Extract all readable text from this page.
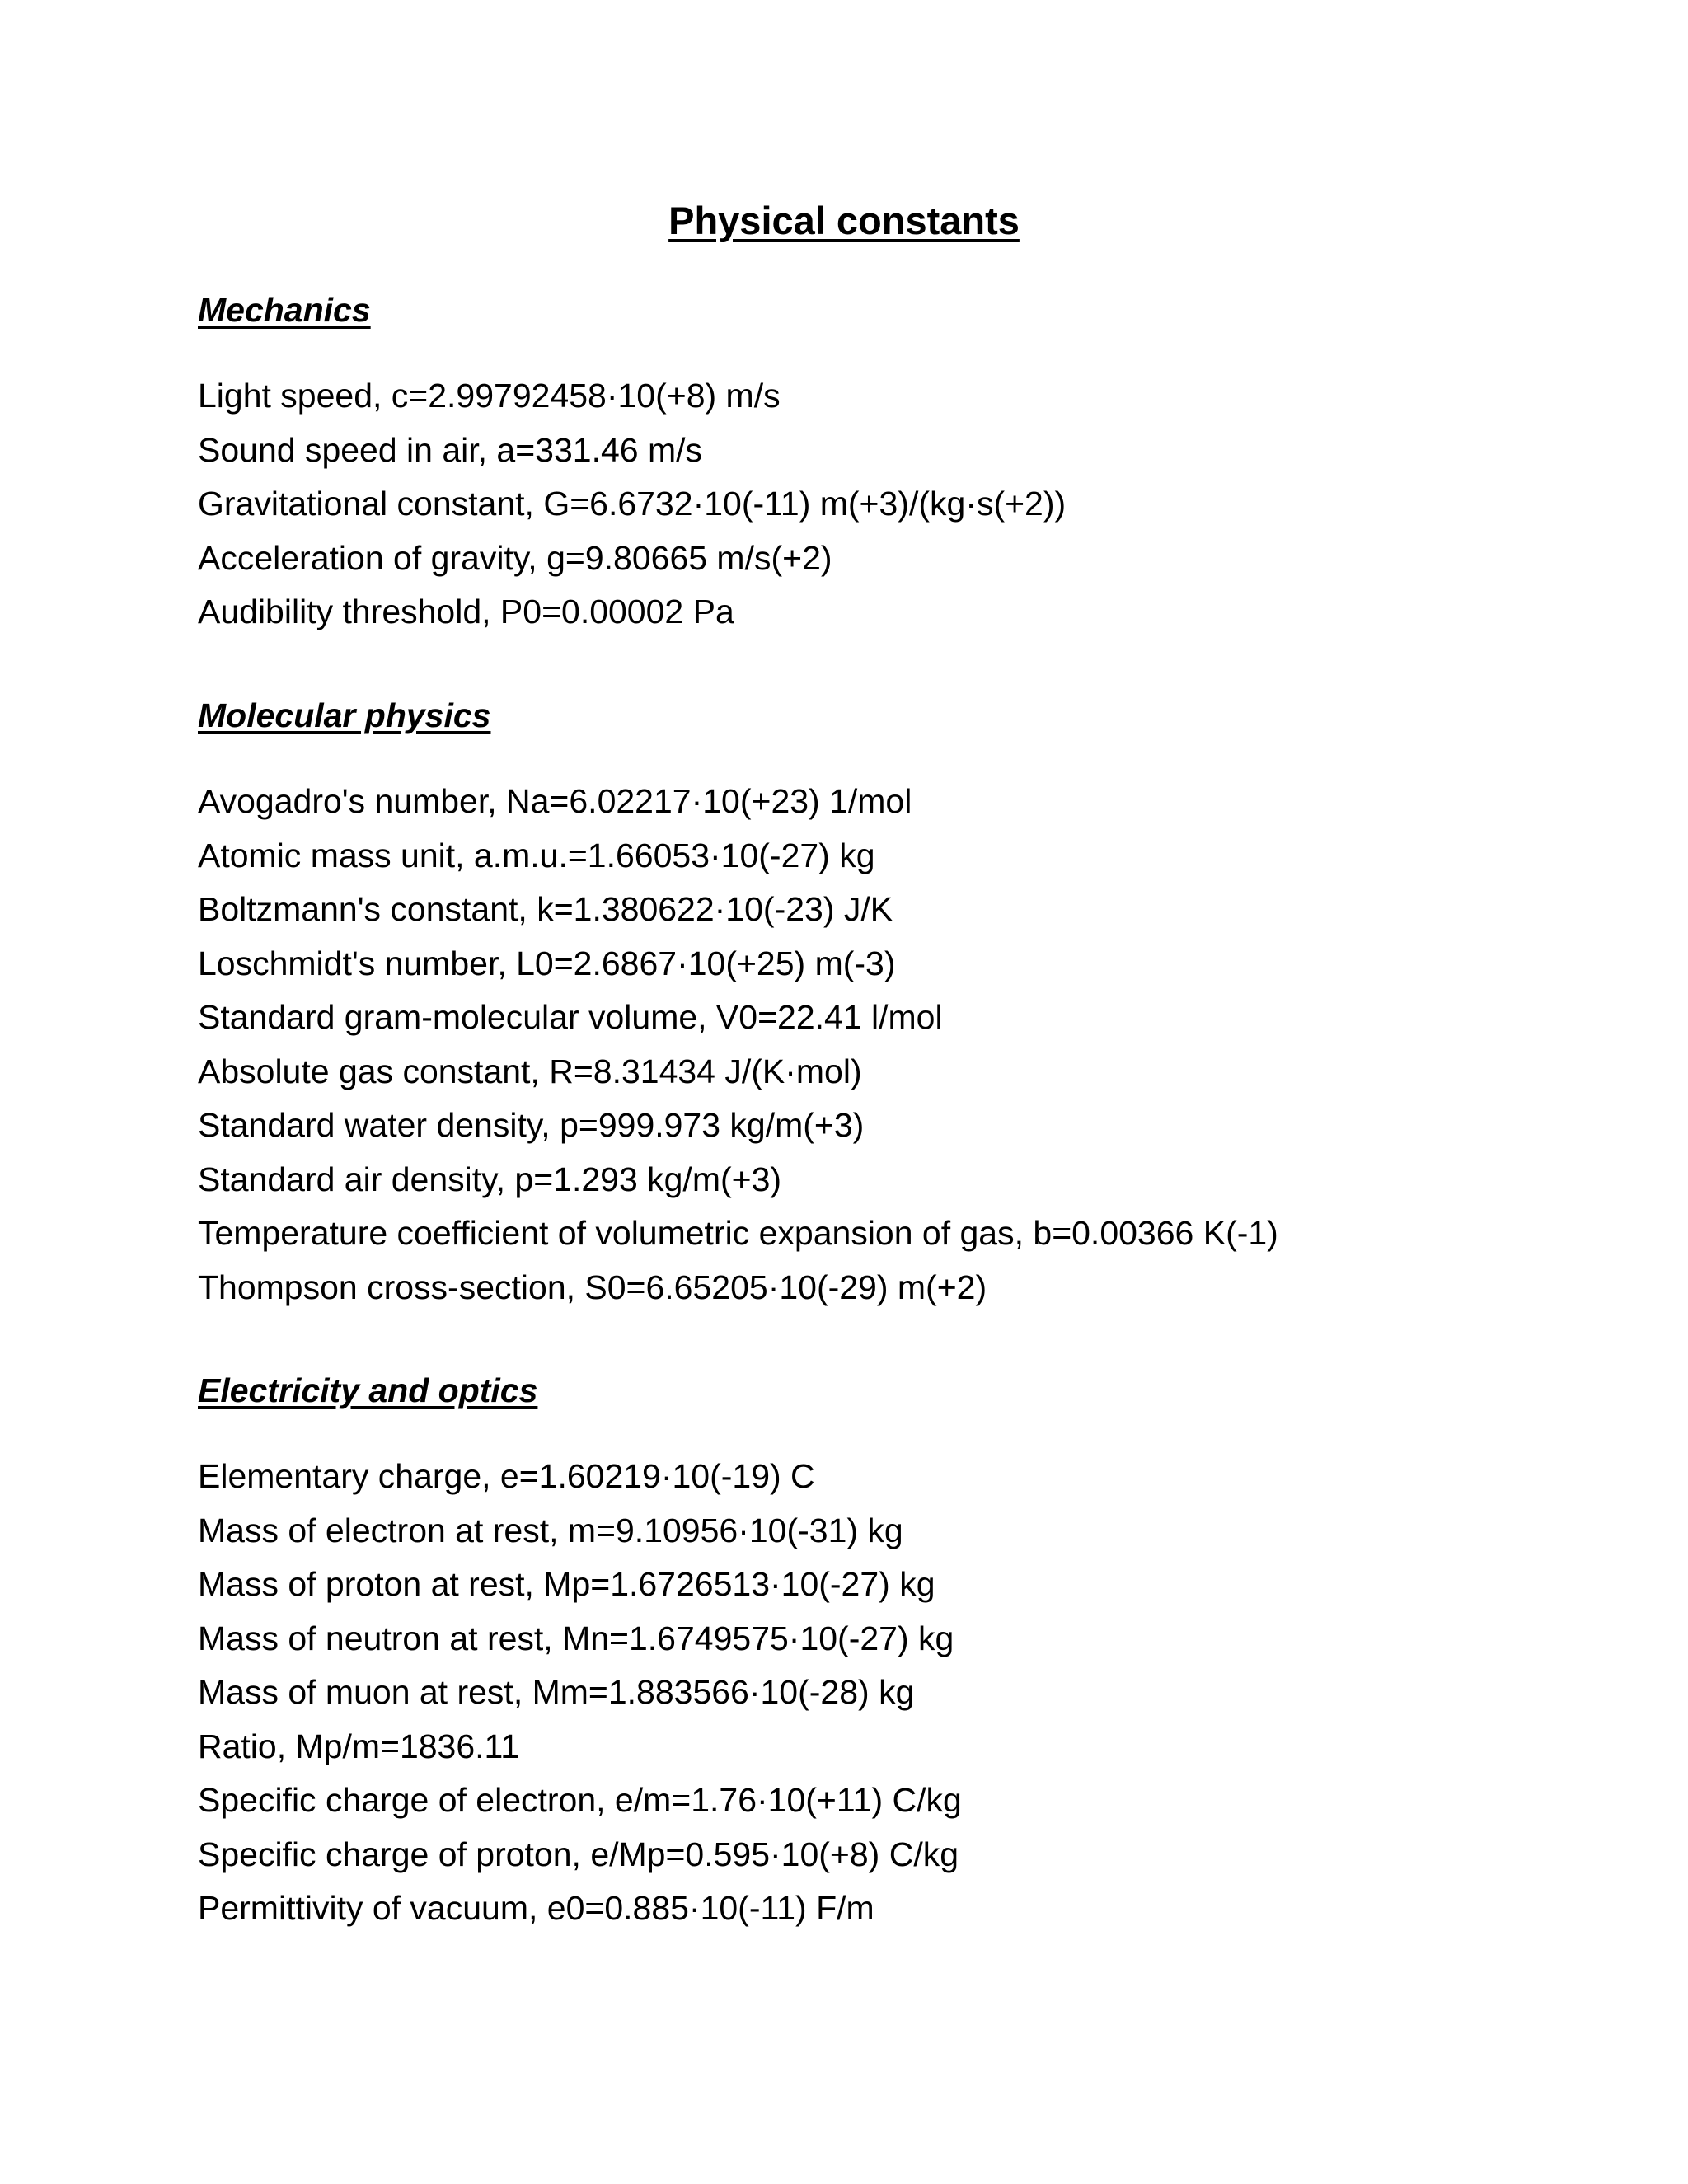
Physical constants
Mechanics
Light speed, c=2.99792458·10(+8) m/s
Sound speed in air, a=331.46 m/s
Gravitational constant, G=6.6732·10(-11) m(+3)/(kg·s(+2))
Acceleration of gravity, g=9.80665 m/s(+2)
Audibility threshold, P0=0.00002 Pa
Molecular physics
Avogadro's number, Na=6.02217·10(+23) 1/mol
Atomic mass unit, a.m.u.=1.66053·10(-27) kg
Boltzmann's constant, k=1.380622·10(-23) J/K
Loschmidt's number, L0=2.6867·10(+25) m(-3)
Standard gram-molecular volume, V0=22.41 l/mol
Absolute gas constant, R=8.31434 J/(K·mol)
Standard water density, p=999.973 kg/m(+3)
Standard air density, p=1.293 kg/m(+3)
Temperature coefficient of volumetric expansion of gas, b=0.00366 K(-1)
Thompson cross-section, S0=6.65205·10(-29) m(+2)
Electricity and optics
Elementary charge, e=1.60219·10(-19) C
Mass of electron at rest, m=9.10956·10(-31) kg
Mass of proton at rest, Mp=1.6726513·10(-27) kg
Mass of neutron at rest, Mn=1.6749575·10(-27) kg
Mass of muon at rest, Mm=1.883566·10(-28) kg
Ratio, Mp/m=1836.11
Specific charge of electron, e/m=1.76·10(+11) C/kg
Specific charge of proton, e/Mp=0.595·10(+8) C/kg
Permittivity of vacuum, e0=0.885·10(-11) F/m
